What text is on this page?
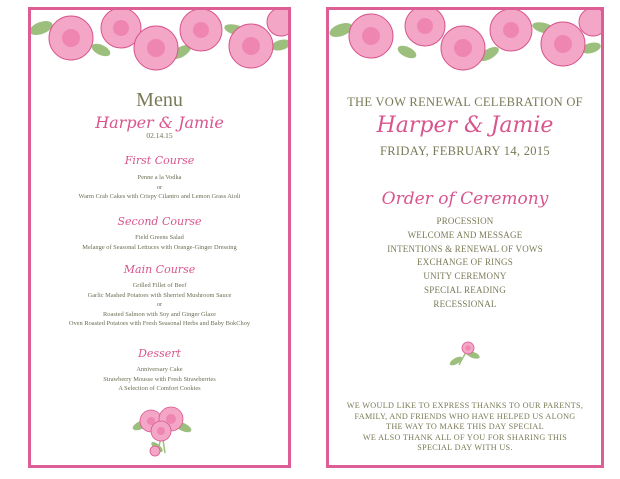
Menu
Harper & Jamie
02.14.15
First Course
Penne a la Vodka
or
Warm Crab Cakes with Crispy Cilantro and Lemon Grass Aioli
Second Course
Field Greens Salad
Melange of Seasonal Lettuces with Orange-Ginger Dressing
Main Course
Grilled Fillet of Beef
Garlic Mashed Potatoes with Sherried Mushroom Sauce
or
Roasted Salmon with Soy and Ginger Glaze
Oven Roasted Potatoes with Fresh Seasonal Herbs and Baby BokChoy
Dessert
Anniversary Cake
Strawberry Mousse with Fresh Strawberries
A Selection of Comfort Cookies
THE VOW RENEWAL CELEBRATION OF
Harper & Jamie
FRIDAY, FEBRUARY 14, 2015
Order of Ceremony
PROCESSION
WELCOME AND MESSAGE
INTENTIONS & RENEWAL OF VOWS
EXCHANGE OF RINGS
UNITY CEREMONY
SPECIAL READING
RECESSIONAL
WE WOULD LIKE TO EXPRESS THANKS TO OUR PARENTS,
FAMILY, AND FRIENDS WHO HAVE HELPED US ALONG
THE WAY TO MAKE THIS DAY SPECIAL
WE ALSO THANK ALL OF YOU FOR SHARING THIS
SPECIAL DAY WITH US.
